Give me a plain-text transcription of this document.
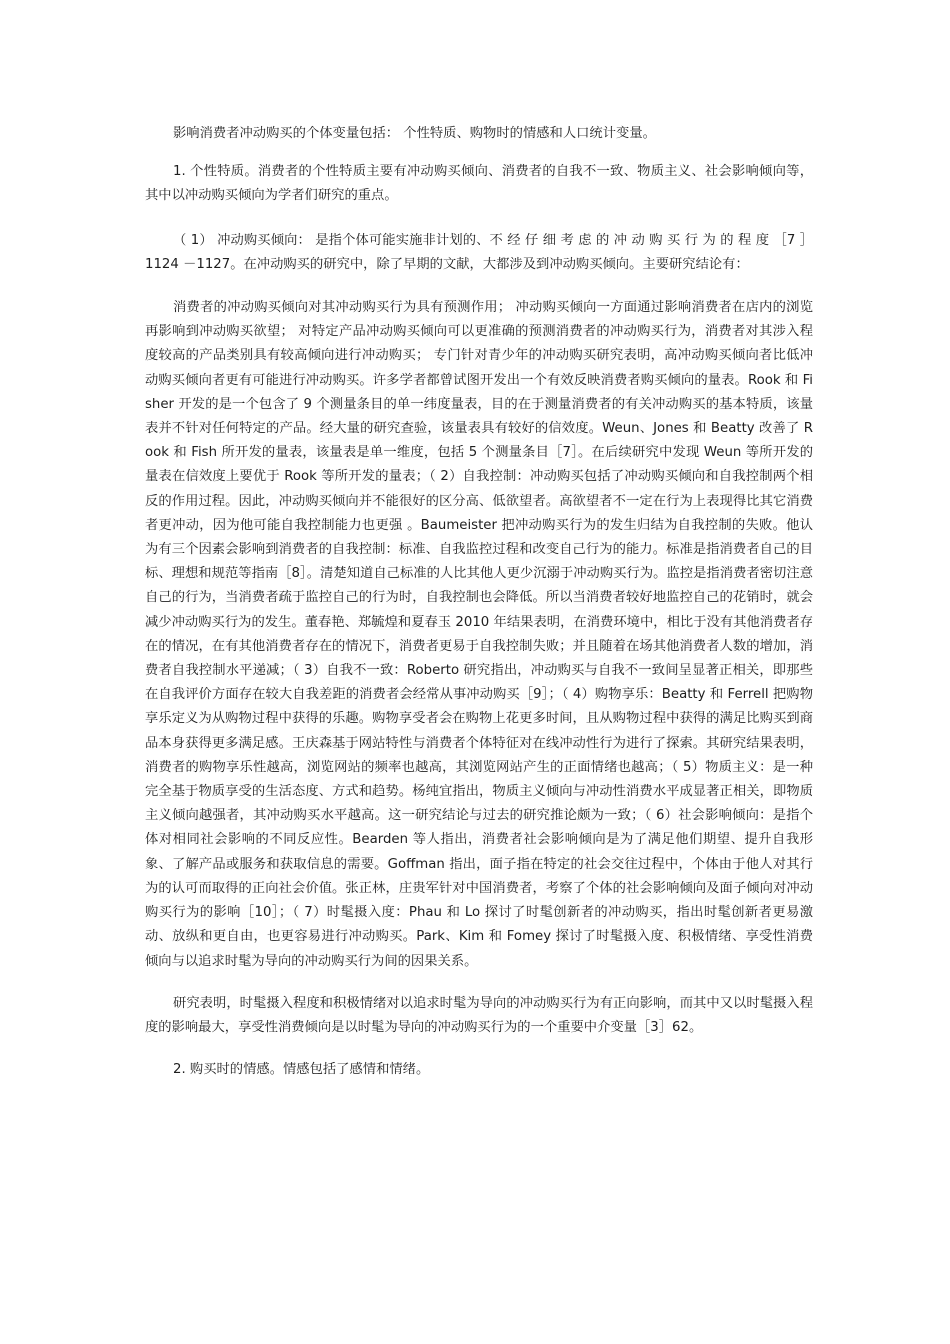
影响消费者冲动购买的个体变量包括： 个性特质、购物时的情感和人口统计变量。

1. 个性特质。消费者的个性特质主要有冲动购买倾向、消费者的自我不一致、物质主义、社会影响倾向等，其中以冲动购买倾向为学者们研究的重点。

（ 1） 冲动购买倾向： 是指个体可能实施非计划的、不 经 仔 细 考 虑 的 冲 动 购 买 行 为 的 程 度 ［7 ］1124 －1127。在冲动购买的研究中，除了早期的文献，大都涉及到冲动购买倾向。主要研究结论有：

消费者的冲动购买倾向对其冲动购买行为具有预测作用； 冲动购买倾向一方面通过影响消费者在店内的浏览再影响到冲动购买欲望； 对特定产品冲动购买倾向可以更准确的预测消费者的冲动购买行为，消费者对其涉入程度较高的产品类别具有较高倾向进行冲动购买； 专门针对青少年的冲动购买研究表明，高冲动购买倾向者比低冲动购买倾向者更有可能进行冲动购买。许多学者都曾试图开发出一个有效反映消费者购买倾向的量表。Rook 和 Fisher 开发的是一个包含了 9 个测量条目的单一纬度量表，目的在于测量消费者的有关冲动购买的基本特质，该量表并不针对任何特定的产品。经大量的研究查验，该量表具有较好的信效度。Weun、Jones 和 Beatty 改善了 Rook 和 Fish 所开发的量表，该量表是单一维度，包括 5 个测量条目［7］。在后续研究中发现 Weun 等所开发的量表在信效度上要优于 Rook 等所开发的量表；（ 2）自我控制：冲动购买包括了冲动购买倾向和自我控制两个相反的作用过程。因此，冲动购买倾向并不能很好的区分高、低欲望者。高欲望者不一定在行为上表现得比其它消费者更冲动，因为他可能自我控制能力也更强 。Baumeister 把冲动购买行为的发生归结为自我控制的失败。他认为有三个因素会影响到消费者的自我控制：标准、自我监控过程和改变自己行为的能力。标准是指消费者自己的目标、理想和规范等指南［8］。清楚知道自己标准的人比其他人更少沉溺于冲动购买行为。监控是指消费者密切注意自己的行为，当消费者疏于监控自己的行为时，自我控制也会降低。所以当消费者较好地监控自己的花销时，就会减少冲动购买行为的发生。董春艳、郑毓煌和夏春玉 2010 年结果表明，在消费环境中，相比于没有其他消费者存在的情况，在有其他消费者存在的情况下，消费者更易于自我控制失败；并且随着在场其他消费者人数的增加，消费者自我控制水平递减；（ 3）自我不一致：Roberto 研究指出，冲动购买与自我不一致间呈显著正相关，即那些在自我评价方面存在较大自我差距的消费者会经常从事冲动购买［9］；（ 4）购物享乐：Beatty 和 Ferrell 把购物享乐定义为从购物过程中获得的乐趣。购物享受者会在购物上花更多时间，且从购物过程中获得的满足比购买到商品本身获得更多满足感。王庆森基于网站特性与消费者个体特征对在线冲动性行为进行了探索。其研究结果表明，消费者的购物享乐性越高，浏览网站的频率也越高，其浏览网站产生的正面情绪也越高；（ 5）物质主义：是一种完全基于物质享受的生活态度、方式和趋势。杨纯宜指出，物质主义倾向与冲动性消费水平成显著正相关，即物质主义倾向越强者，其冲动购买水平越高。这一研究结论与过去的研究推论颇为一致；（ 6）社会影响倾向：是指个体对相同社会影响的不同反应性。Bearden 等人指出，消费者社会影响倾向是为了满足他们期望、提升自我形象、了解产品或服务和获取信息的需要。Goffman 指出，面子指在特定的社会交往过程中，个体由于他人对其行为的认可而取得的正向社会价值。张正林，庄贵军针对中国消费者，考察了个体的社会影响倾向及面子倾向对冲动购买行为的影响［10］；（ 7）时髦摄入度：Phau 和 Lo 探讨了时髦创新者的冲动购买，指出时髦创新者更易激动、放纵和更自由，也更容易进行冲动购买。Park、Kim 和 Fomey 探讨了时髦摄入度、积极情绪、享受性消费倾向与以追求时髦为导向的冲动购买行为间的因果关系。

研究表明，时髦摄入程度和积极情绪对以追求时髦为导向的冲动购买行为有正向影响，而其中又以时髦摄入程度的影响最大，享受性消费倾向是以时髦为导向的冲动购买行为的一个重要中介变量［3］62。

2. 购买时的情感。情感包括了感情和情绪。
